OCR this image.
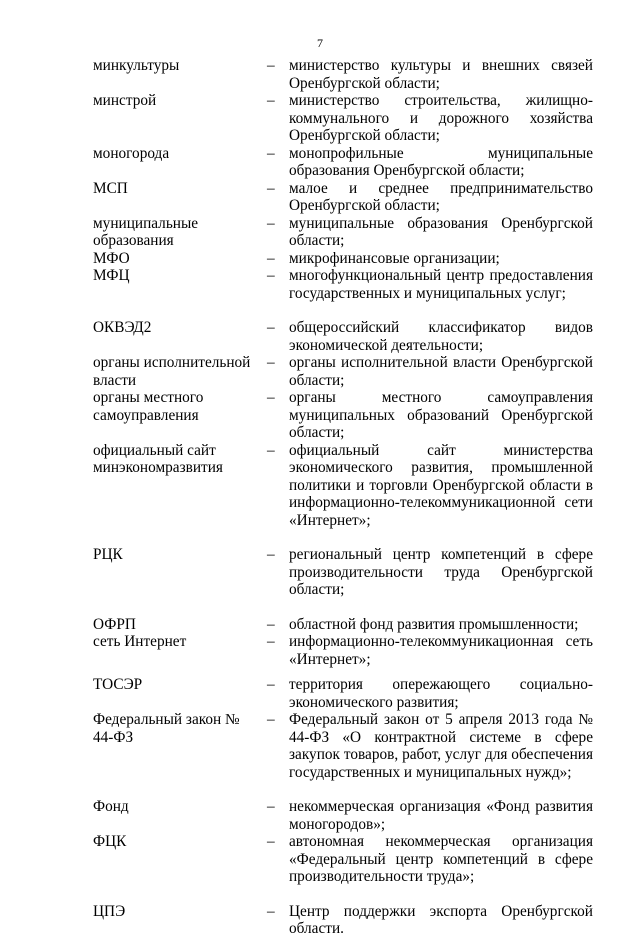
7
минкультуры	– министерство культуры и внешних связей Оренбургской области;
минстрой	– министерство строительства, жилищно-коммунального и дорожного хозяйства Оренбургской области;
моногорода	– монопрофильные муниципальные образования Оренбургской области;
МСП	– малое и среднее предпринимательство Оренбургской области;
муниципальные образования
– муниципальные образования Оренбургской области;
МФО	– микрофинансовые организации;
МФЦ	– многофункциональный центр предоставления государственных и муниципальных услуг;
ОКВЭД2	– общероссийский классификатор видов экономической деятельности;
органы исполнительной власти
– органы исполнительной власти Оренбургской области;
органы местного самоуправления
– органы местного самоуправления муниципальных образований Оренбургской области;
официальный сайт минэкономразвития
– официальный сайт министерства экономического развития, промышленной политики и торговли Оренбургской области в информационно-телекоммуникационной сети «Интернет»;
РЦК	– региональный центр компетенций в сфере производительности труда Оренбургской области;
ОФРП	– областной фонд развития промышленности;
сеть Интернет	– информационно-телекоммуникационная сеть «Интернет»;
ТОСЭР	– территория опережающего социально-экономического развития;
Федеральный закон № 44-ФЗ
– Федеральный закон от 5 апреля 2013 года № 44-ФЗ «О контрактной системе в сфере закупок товаров, работ, услуг для обеспечения государственных и муниципальных нужд»;
Фонд	– некоммерческая организация «Фонд развития моногородов»;
ФЦК	– автономная некоммерческая организация «Федеральный центр компетенций в сфере производительности труда»;
ЦПЭ	– Центр поддержки экспорта Оренбургской области.
